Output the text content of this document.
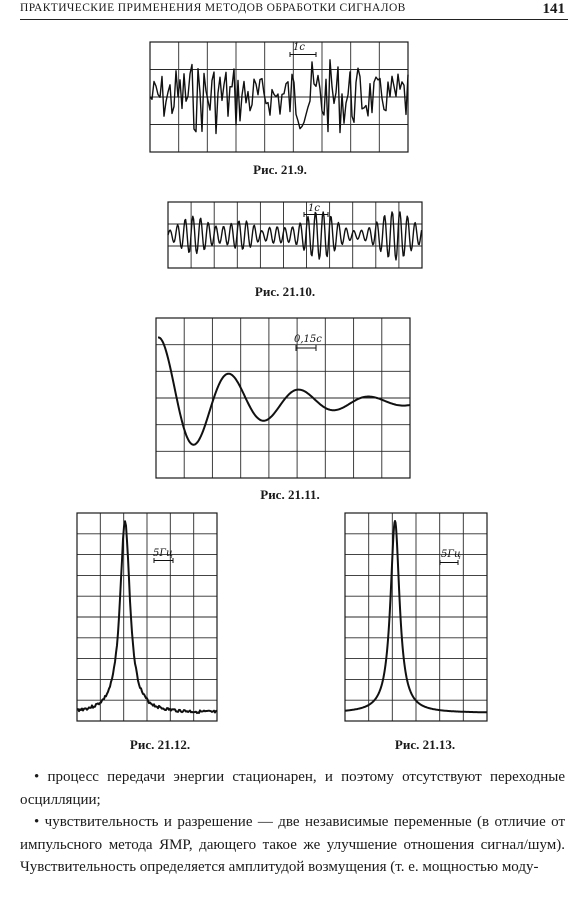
ПРАКТИЧЕСКИЕ ПРИМЕНЕНИЯ МЕТОДОВ ОБРАБОТКИ СИГНАЛОВ	141
1с
Рис. 21.9.
1с
Рис. 21.10.
0,15с
Рис. 21.11.
5Гц
Рис. 21.12.
5Гц
Рис. 21.13.

• процесс передачи энергии стационарен, и поэтому отсутствуют переходные осцилляции;

• чувствительность и разрешение — две независимые переменные (в отличие от импульсного метода ЯМР, дающего такое же улучшение отношения сигнал/шум). Чувствительность определяется амплитудой возмущения (т. е. мощностью моду-
